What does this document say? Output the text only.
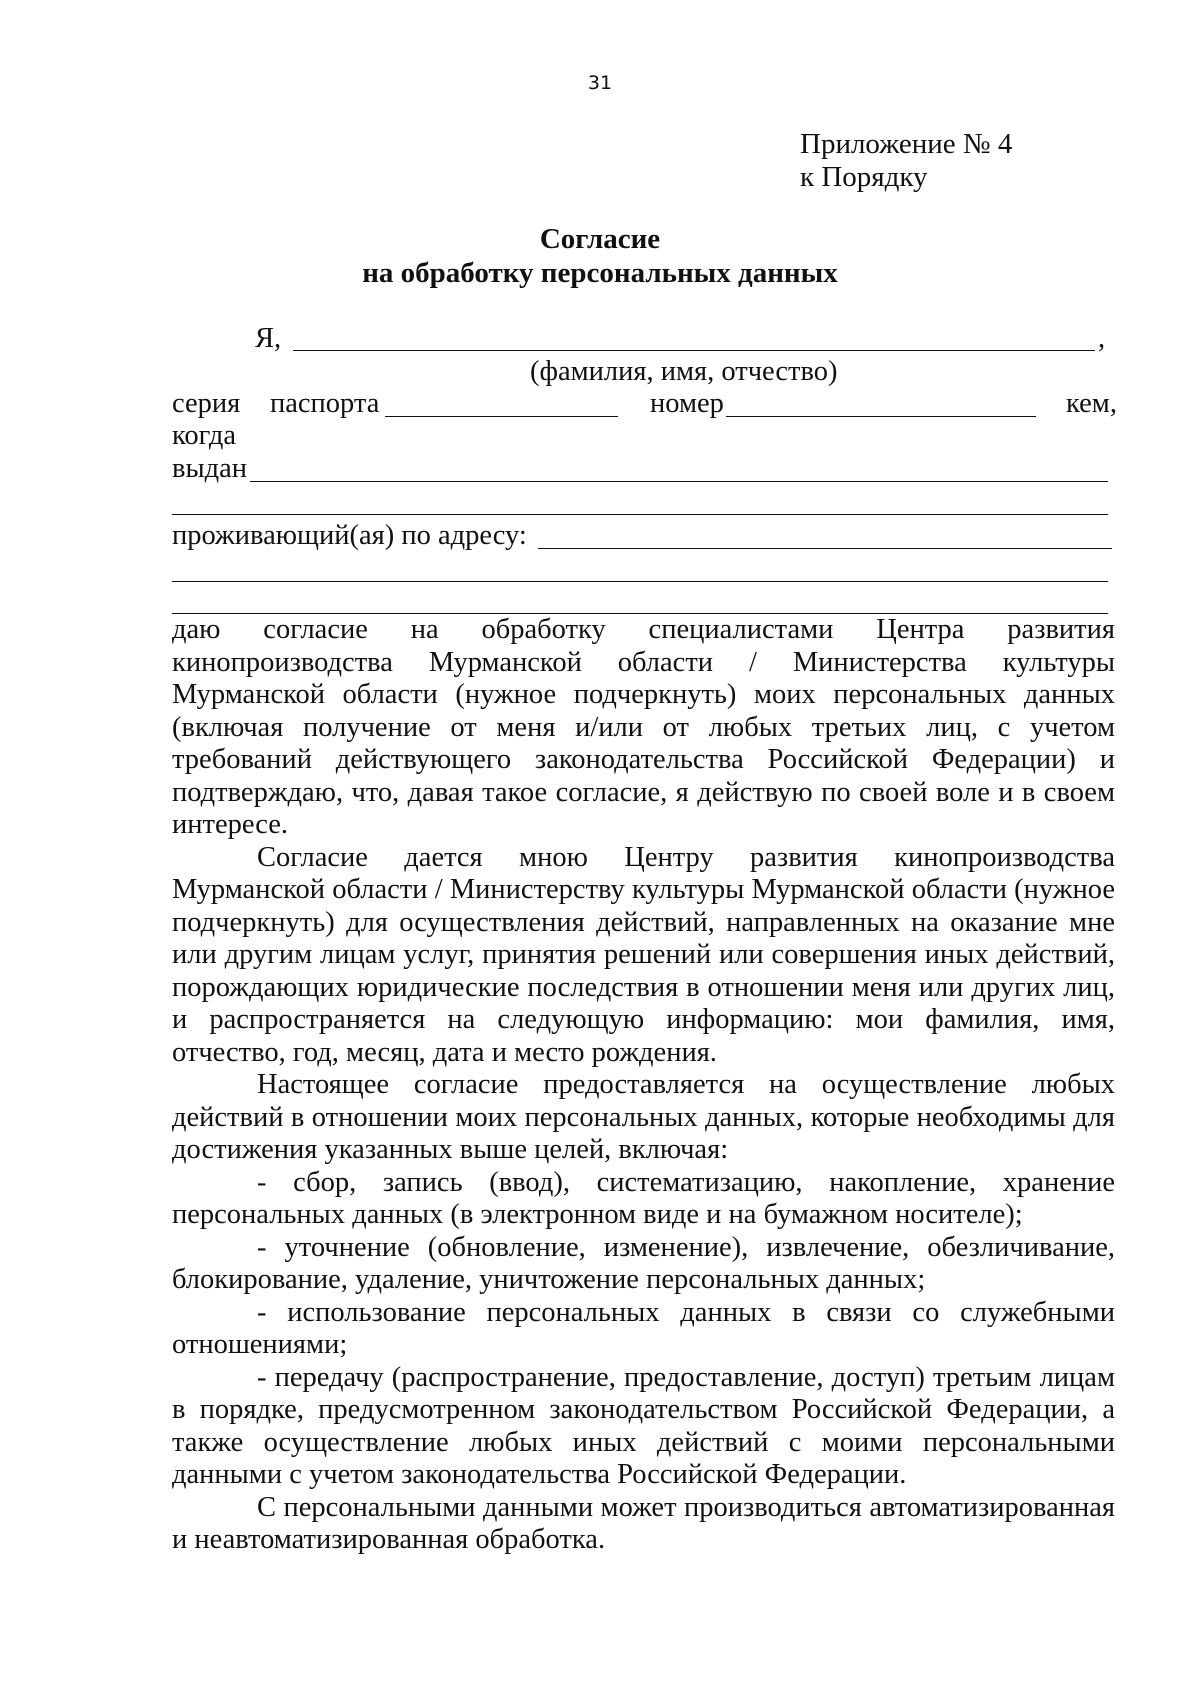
31
Приложение № 4
к Порядку
Согласие
на обработку персональных данных
Я,	,
(фамилия, имя, отчество)
серия паспорта	номер	кем,
когда
выдан
проживающий(ая) по адресу:

даю согласие на обработку специалистами Центра развития кинопроизводства Мурманской области / Министерства культуры Мурманской области (нужное подчеркнуть) моих персональных данных (включая получение от меня и/или от любых третьих лиц, с учетом требований действующего законодательства Российской Федерации) и подтверждаю, что, давая такое согласие, я действую по своей воле и в своем интересе.

Согласие дается мною Центру развития кинопроизводства Мурманской области / Министерству культуры Мурманской области (нужное подчеркнуть) для осуществления действий, направленных на оказание мне или другим лицам услуг, принятия решений или совершения иных действий, порождающих юридические последствия в отношении меня или других лиц, и распространяется на следующую информацию: мои фамилия, имя, отчество, год, месяц, дата и место рождения.

Настоящее согласие предоставляется на осуществление любых действий в отношении моих персональных данных, которые необходимы для достижения указанных выше целей, включая:

- сбор, запись (ввод), систематизацию, накопление, хранение персональных данных (в электронном виде и на бумажном носителе);

- уточнение (обновление, изменение), извлечение, обезличивание, блокирование, удаление, уничтожение персональных данных;

- использование персональных данных в связи со служебными отношениями;

- передачу (распространение, предоставление, доступ) третьим лицам в порядке, предусмотренном законодательством Российской Федерации, а также осуществление любых иных действий с моими персональными данными с учетом законодательства Российской Федерации.

С персональными данными может производиться автоматизированная и неавтоматизированная обработка.
